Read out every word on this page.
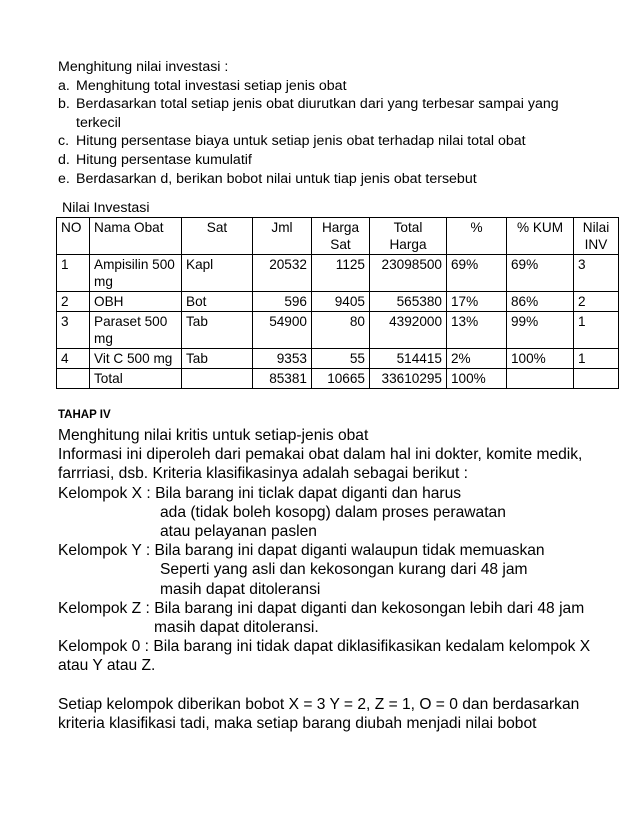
Menghitung nilai investasi :

a. Menghitung total investasi setiap jenis obat
b. Berdasarkan total setiap jenis obat diurutkan dari yang terbesar sampai yang terkecil
c. Hitung persentase biaya untuk setiap jenis obat terhadap nilai total obat
d. Hitung persentase kumulatif
e. Berdasarkan d, berikan bobot nilai untuk tiap jenis obat tersebut
Nilai Investasi
NO	Nama Obat	Sat	Jml	Harga Sat	Total Harga	%	% KUM	Nilai INV
1	Ampisilin 500 mg	Kapl	20532	1125	23098500	69%	69%	3
2	OBH	Bot	596	9405	565380	17%	86%	2
3	Paraset 500 mg	Tab	54900	80	4392000	13%	99%	1
4	Vit C 500 mg	Tab	9353	55	514415	2%	100%	1
	Total		85381	10665	33610295	100%		
TAHAP IV

Menghitung nilai kritis untuk setiap-jenis obat

Informasi ini diperoleh dari pemakai obat dalam hal ini dokter, komite medik, farrriasi, dsb. Kriteria klasifikasinya adalah sebagai berikut :

Kelompok X : Bila barang ini ticlak dapat diganti dan harus

ada (tidak boleh kosopg) dalam proses perawatan

atau pelayanan paslen

Kelompok Y : Bila barang ini dapat diganti walaupun tidak memuaskan

Seperti yang asli dan kekosongan kurang dari 48 jam

masih dapat ditoleransi

Kelompok Z : Bila barang ini dapat diganti dan kekosongan lebih dari 48 jam

masih dapat ditoleransi.

Kelompok 0 : Bila barang ini tidak dapat diklasifikasikan kedalam kelompok X atau Y atau Z.

Setiap kelompok diberikan bobot X = 3 Y = 2, Z = 1, O = 0 dan berdasarkan kriteria klasifikasi tadi, maka setiap barang diubah menjadi nilai bobot
